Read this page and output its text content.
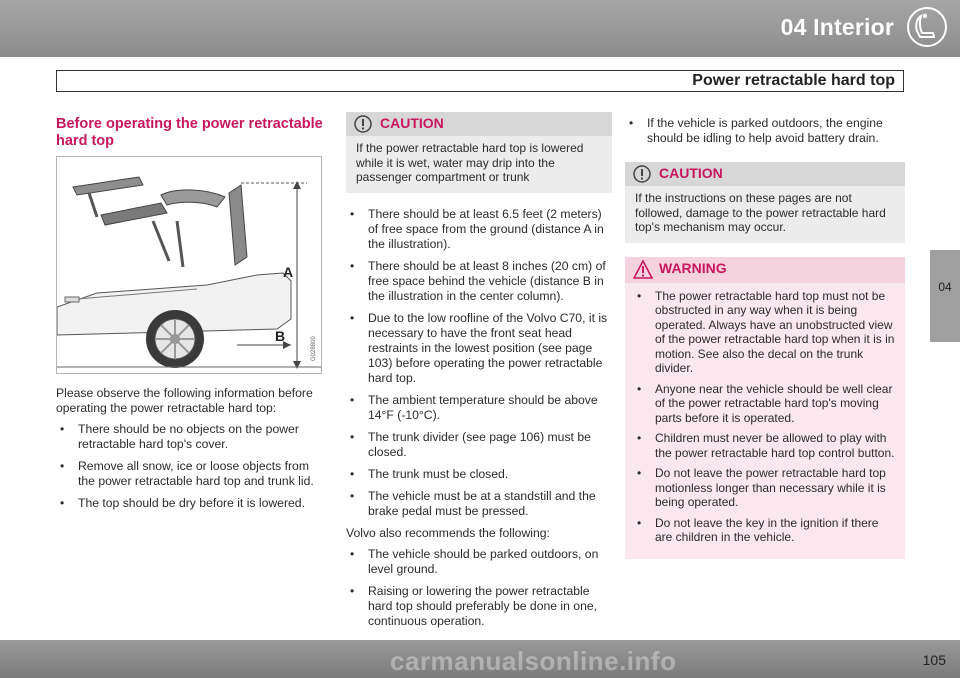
04 Interior
Power retractable hard top
04
Before operating the power retractable hard top
A
B
G028800

Please observe the following information before operating the power retractable hard top:

• There should be no objects on the power retractable hard top's cover.
• Remove all snow, ice or loose objects from the power retractable hard top and trunk lid.
• The top should be dry before it is lowered.
CAUTION
If the power retractable hard top is lowered while it is wet, water may drip into the passenger compartment or trunk
• There should be at least 6.5 feet (2 meters) of free space from the ground (distance A in the illustration).
• There should be at least 8 inches (20 cm) of free space behind the vehicle (distance B in the illustration in the center column).
• Due to the low roofline of the Volvo C70, it is necessary to have the front seat head restraints in the lowest position (see page 103) before operating the power retractable hard top.
• The ambient temperature should be above 14°F (-10°C).
• The trunk divider (see page 106) must be closed.
• The trunk must be closed.
• The vehicle must be at a standstill and the brake pedal must be pressed.

Volvo also recommends the following:

• The vehicle should be parked outdoors, on level ground.
• Raising or lowering the power retractable hard top should preferably be done in one, continuous operation.
• If the vehicle is parked outdoors, the engine should be idling to help avoid battery drain.
CAUTION
If the instructions on these pages are not followed, damage to the power retractable hard top's mechanism may occur.
WARNING
• The power retractable hard top must not be obstructed in any way when it is being operated. Always have an unobstructed view of the power retractable hard top when it is in motion. See also the decal on the trunk divider.
• Anyone near the vehicle should be well clear of the power retractable hard top's moving parts before it is operated.
• Children must never be allowed to play with the power retractable hard top control button.
• Do not leave the power retractable hard top motionless longer than necessary while it is being operated.
• Do not leave the key in the ignition if there are children in the vehicle.
carmanualsonline.info	105
